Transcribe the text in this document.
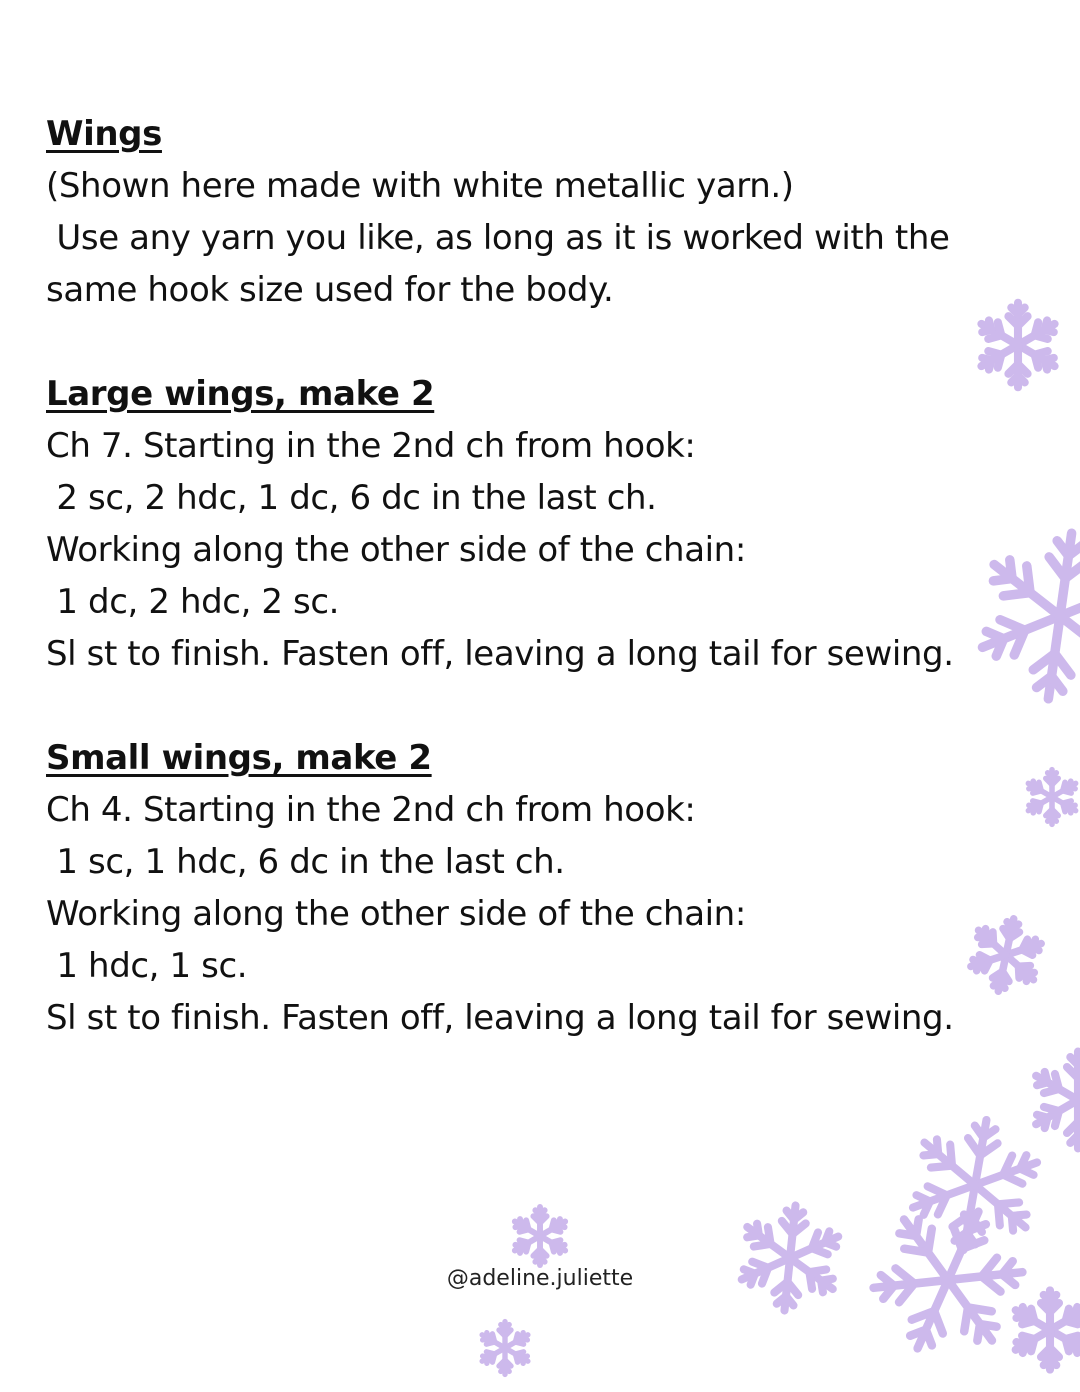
Wings
(Shown here made with white metallic yarn.)
Use any yarn you like, as long as it is worked with the
same hook size used for the body.
Large wings, make 2
Ch 7. Starting in the 2nd ch from hook:
2 sc, 2 hdc, 1 dc, 6 dc in the last ch.
Working along the other side of the chain:
1 dc, 2 hdc, 2 sc.
Sl st to finish. Fasten off, leaving a long tail for sewing.
Small wings, make 2
Ch 4. Starting in the 2nd ch from hook:
1 sc, 1 hdc, 6 dc in the last ch.
Working along the other side of the chain:
1 hdc, 1 sc.
Sl st to finish. Fasten off, leaving a long tail for sewing.
@adeline.juliette
